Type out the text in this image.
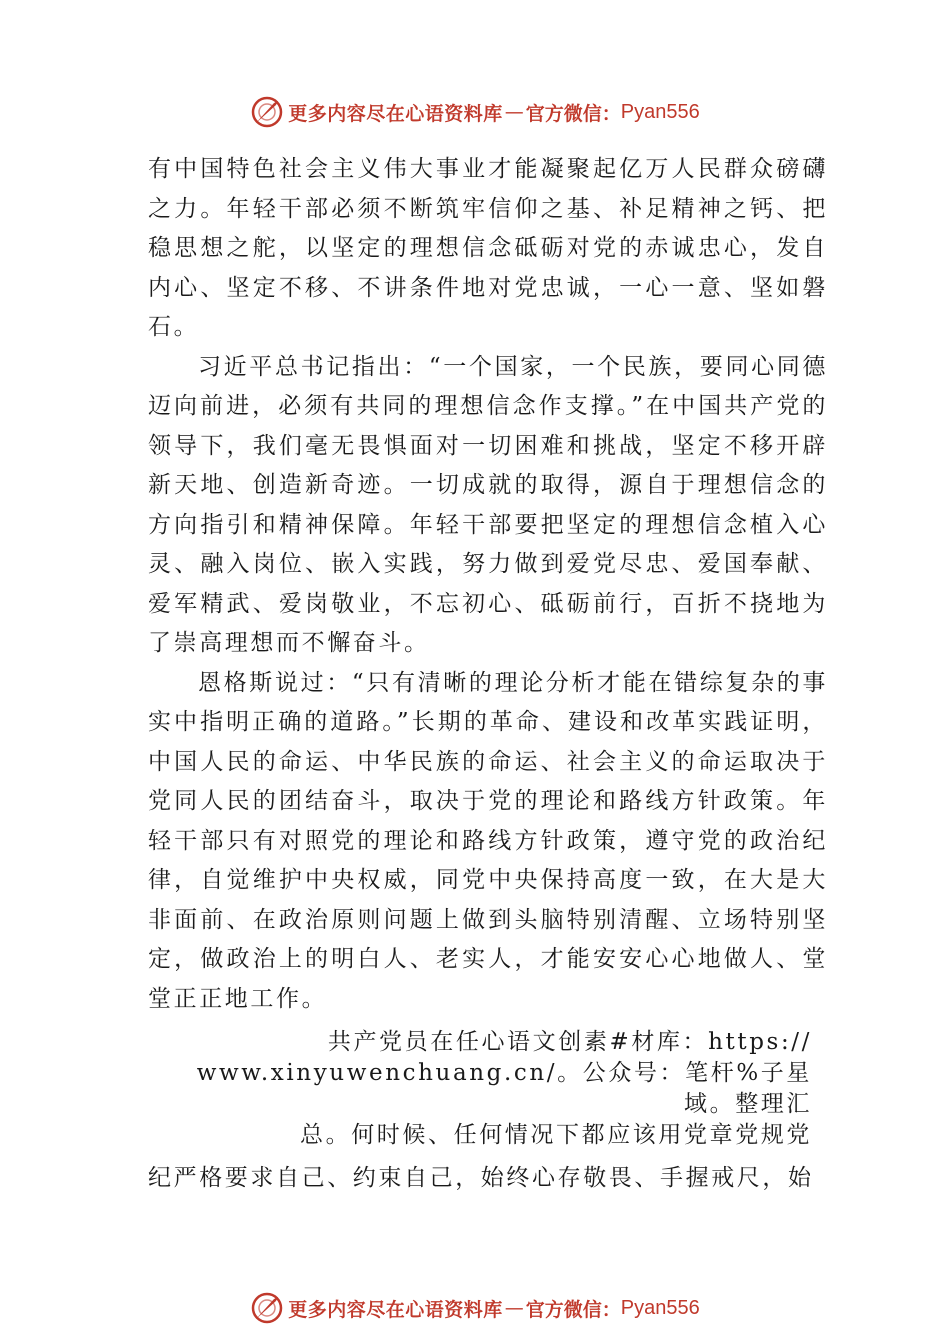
更多内容尽在心语资料库 — 官方微信： Pyan556

有中国特色社会主义伟大事业才能凝聚起亿万人民群众磅礴之力。年轻干部必须不断筑牢信仰之基、补足精神之钙、把稳思想之舵，以坚定的理想信念砥砺对党的赤诚忠心，发自内心、坚定不移、不讲条件地对党忠诚，一心一意、坚如磐石。

习近平总书记指出：“一个国家，一个民族，要同心同德迈向前进，必须有共同的理想信念作支撑。”在中国共产党的领导下，我们毫无畏惧面对一切困难和挑战，坚定不移开辟新天地、创造新奇迹。一切成就的取得，源自于理想信念的方向指引和精神保障。年轻干部要把坚定的理想信念植入心灵、融入岗位、嵌入实践，努力做到爱党尽忠、爱国奉献、爱军精武、爱岗敬业，不忘初心、砥砺前行，百折不挠地为了崇高理想而不懈奋斗。

恩格斯说过：“只有清晰的理论分析才能在错综复杂的事实中指明正确的道路。”长期的革命、建设和改革实践证明，中国人民的命运、中华民族的命运、社会主义的命运取决于 党同人民的团结奋斗，取决于党的理论和路线方针政策。年 轻干部只有对照党的理论和路线方针政策，遵守党的政治纪 律，自觉维护中央权威，同党中央保持高度一致，在大是大 非面前、在政治原则问题上做到头脑特别清醒、立场特别坚 定，做政治上的明白人、老实人，才能安安心心地做人、堂 堂正正地工作。

共产党员在任心语文创素#材库：https://
www.xinyuwenchuang.cn/。公众号：笔杆%子星域。整理汇
总。何时候、任何情况下都应该用党章党规党

纪严格要求自己、约束自己，始终心存敬畏、手握戒尺，始

更多内容尽在心语资料库 — 官方微信： Pyan556
